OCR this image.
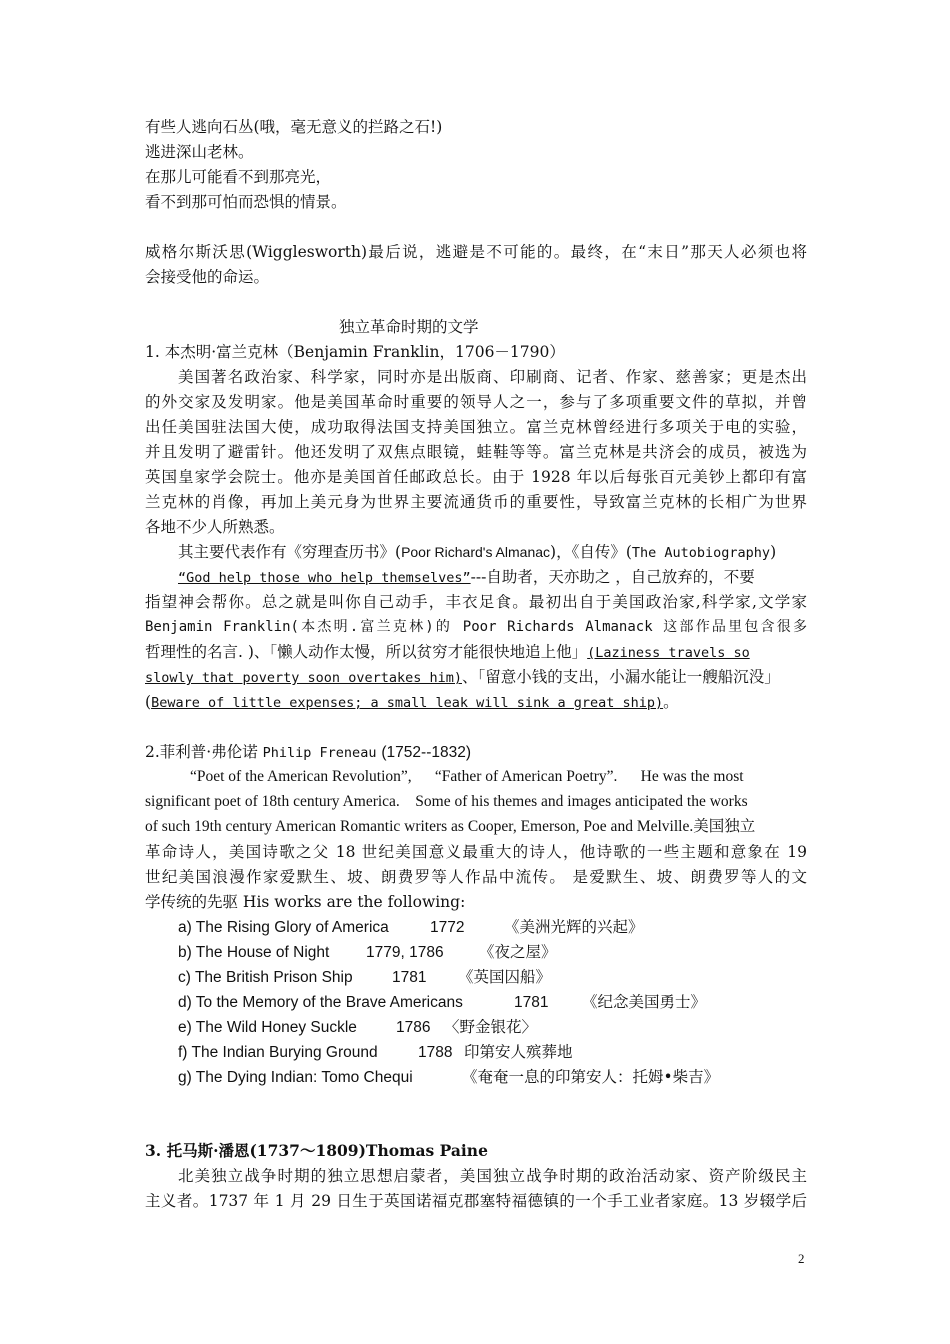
有些人逃向石丛(哦，毫无意义的拦路之石!)
逃进深山老林。
在那儿可能看不到那亮光，
看不到那可怕而恐惧的情景。
威格尔斯沃思(Wigglesworth)最后说，逃避是不可能的。最终，在“末日”那天人必须也将
会接受他的命运。
独立革命时期的文学
1. 本杰明·富兰克林（Benjamin Franklin，1706－1790）
美国著名政治家、科学家，同时亦是出版商、印刷商、记者、作家、慈善家；更是杰出
的外交家及发明家。他是美国革命时重要的领导人之一，参与了多项重要文件的草拟，并曾
出任美国驻法国大使，成功取得法国支持美国独立。富兰克林曾经进行多项关于电的实验，
并且发明了避雷针。他还发明了双焦点眼镜，蛙鞋等等。富兰克林是共济会的成员，被选为
英国皇家学会院士。他亦是美国首任邮政总长。由于 1928 年以后每张百元美钞上都印有富
兰克林的肖像，再加上美元身为世界主要流通货币的重要性，导致富兰克林的长相广为世界
各地不少人所熟悉。
其主要代表作有《穷理查历书》(Poor Richard's Almanac)，《自传》(The Autobiography)
“God help those who help themselves”---自助者，天亦助之 ，自己放弃的，不要
指望神会帮你。总之就是叫你自己动手，丰衣足食。最初出自于美国政治家,科学家,文学家
Benjamin Franklin(本杰明.富兰克林)的 Poor Richards Almanack 这部作品里包含很多
哲理性的名言. )、「懒人动作太慢，所以贫穷才能很快地追上他」(Laziness travels so
slowly that poverty soon overtakes him)、「留意小钱的支出，小漏水能让一艘船沉没」
(Beware of little expenses; a small leak will sink a great ship)。
2.菲利普·弗伦诺 Philip Freneau (1752--1832)
“Poet of the American Revolution”,      “Father of American Poetry”.      He was the most
significant poet of 18th century America.    Some of his themes and images anticipated the works
of such 19th century American Romantic writers as Cooper, Emerson, Poe and Melville.美国独立
革命诗人，美国诗歌之父 18 世纪美国意义最重大的诗人，他诗歌的一些主题和意象在 19
世纪美国浪漫作家爱默生、坡、朗费罗等人作品中流传。 是爱默生、坡、朗费罗等人的文
学传统的先驱 His works are the following:
a) The Rising Glory of America	1772	《美洲光辉的兴起》
b) The House of Night 1779, 1786 《夜之屋》
c) The British Prison Ship	1781 《英国囚船》
d) To the Memory of the Brave Americans	1781 《纪念美国勇士》
e) The Wild Honey Suckle	1786 〈野金银花〉
f) The Indian Burying Ground	1788 印第安人殡葬地
g) The Dying Indian: Tomo Chequi	《奄奄一息的印第安人：托姆•柴吉》
3. 托马斯·潘恩(1737～1809)Thomas Paine
北美独立战争时期的独立思想启蒙者，美国独立战争时期的政治活动家、资产阶级民主
主义者。1737 年 1 月 29 日生于英国诺福克郡塞特福德镇的一个手工业者家庭。13 岁辍学后
2
